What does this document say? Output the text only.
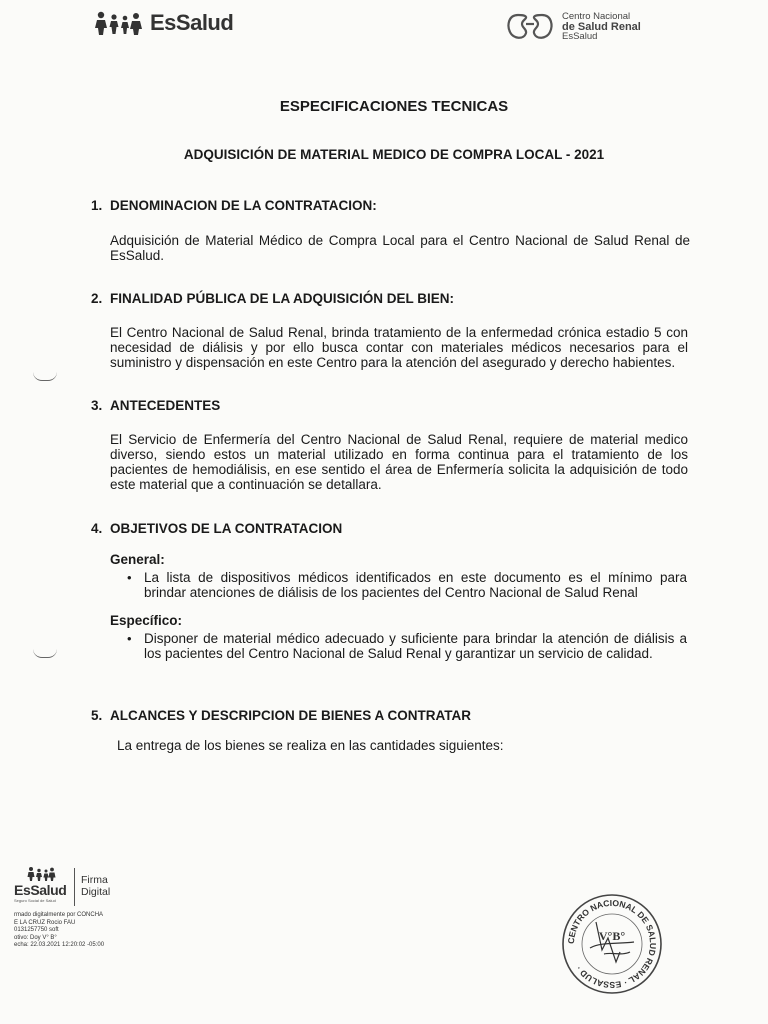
EsSalud	Centro Nacional
de Salud Renal
EsSalud
ESPECIFICACIONES TECNICAS
ADQUISICIÓN DE MATERIAL MEDICO DE COMPRA LOCAL - 2021
1. DENOMINACION DE LA CONTRATACION:
Adquisición de Material Médico de Compra Local para el Centro Nacional de Salud Renal de EsSalud.
2. FINALIDAD PÚBLICA DE LA ADQUISICIÓN DEL BIEN:
El Centro Nacional de Salud Renal, brinda tratamiento de la enfermedad crónica estadio 5 con necesidad de diálisis y por ello busca contar con materiales médicos necesarios para el suministro y dispensación en este Centro para la atención del asegurado y derecho habientes.
3. ANTECEDENTES
El Servicio de Enfermería del Centro Nacional de Salud Renal, requiere de material medico diverso, siendo estos un material utilizado en forma continua para el tratamiento de los pacientes de hemodiálisis, en ese sentido el área de Enfermería solicita la adquisición de todo este material que a continuación se detallara.
4. OBJETIVOS DE LA CONTRATACION
General:
• La lista de dispositivos médicos identificados en este documento es el mínimo para brindar atenciones de diálisis de los pacientes del Centro Nacional de Salud Renal
Específico:
• Disponer de material médico adecuado y suficiente para brindar la atención de diálisis a los pacientes del Centro Nacional de Salud Renal y garantizar un servicio de calidad.
5. ALCANCES Y DESCRIPCION DE BIENES A CONTRATAR
La entrega de los bienes se realiza en las cantidades siguientes:
EsSalud
Seguro Social de Salud
Firma
Digital
rmado digitalmente por CONCHA
E LA CRUZ Rocio FAU
0131257750 soft
otivo: Doy V° B°
echa: 22.03.2021 12:20:02 -05:00
CENTRO NACIONAL DE SALUD RENAL · ESSALUD ·
V°B°
